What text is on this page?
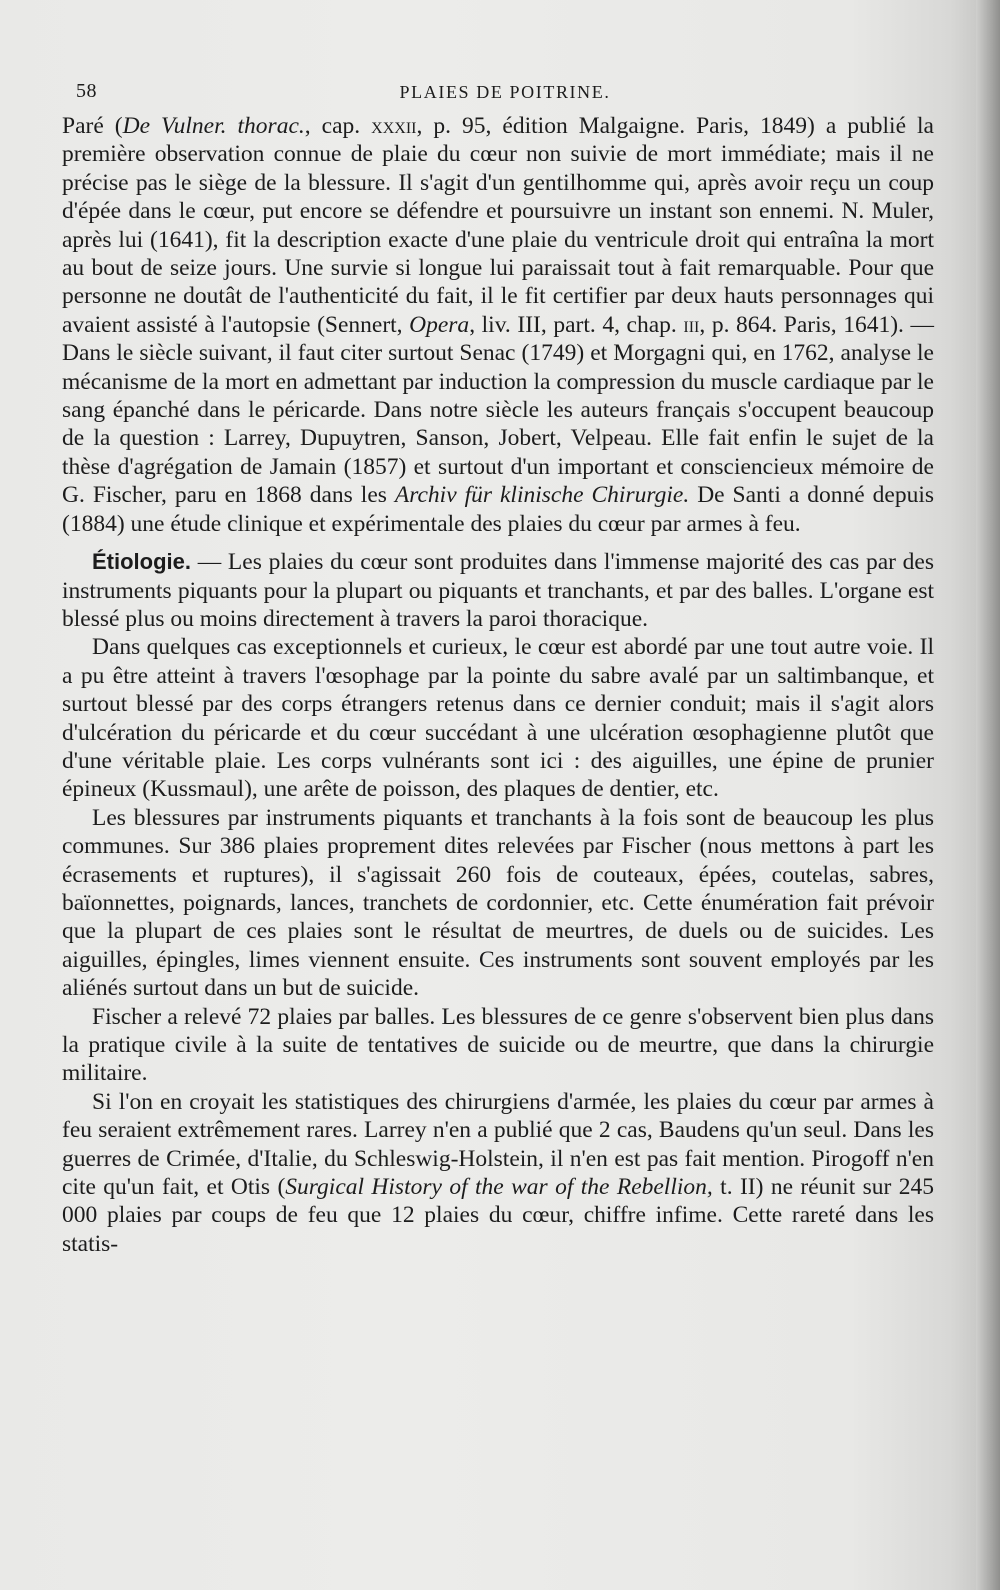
58	PLAIES DE POITRINE.

Paré (De Vulner. thorac., cap. xxxii, p. 95, édition Malgaigne. Paris, 1849) a publié la première observation connue de plaie du cœur non suivie de mort immédiate; mais il ne précise pas le siège de la blessure. Il s'agit d'un gentilhomme qui, après avoir reçu un coup d'épée dans le cœur, put encore se défendre et poursuivre un instant son ennemi. N. Muler, après lui (1641), fit la description exacte d'une plaie du ventricule droit qui entraîna la mort au bout de seize jours. Une survie si longue lui paraissait tout à fait remarquable. Pour que personne ne doutât de l'authenticité du fait, il le fit certifier par deux hauts personnages qui avaient assisté à l'autopsie (Sennert, Opera, liv. III, part. 4, chap. iii, p. 864. Paris, 1641). — Dans le siècle suivant, il faut citer surtout Senac (1749) et Morgagni qui, en 1762, analyse le mécanisme de la mort en admettant par induction la compression du muscle cardiaque par le sang épanché dans le péricarde. Dans notre siècle les auteurs français s'occupent beaucoup de la question : Larrey, Dupuytren, Sanson, Jobert, Velpeau. Elle fait enfin le sujet de la thèse d'agrégation de Jamain (1857) et surtout d'un important et consciencieux mémoire de G. Fischer, paru en 1868 dans les Archiv für klinische Chirurgie. De Santi a donné depuis (1884) une étude clinique et expérimentale des plaies du cœur par armes à feu.

Étiologie. — Les plaies du cœur sont produites dans l'immense majorité des cas par des instruments piquants pour la plupart ou piquants et tranchants, et par des balles. L'organe est blessé plus ou moins directement à travers la paroi thoracique.

Dans quelques cas exceptionnels et curieux, le cœur est abordé par une tout autre voie. Il a pu être atteint à travers l'œsophage par la pointe du sabre avalé par un saltimbanque, et surtout blessé par des corps étrangers retenus dans ce dernier conduit; mais il s'agit alors d'ulcération du péricarde et du cœur succédant à une ulcération œsophagienne plutôt que d'une véritable plaie. Les corps vulnérants sont ici : des aiguilles, une épine de prunier épineux (Kussmaul), une arête de poisson, des plaques de dentier, etc.

Les blessures par instruments piquants et tranchants à la fois sont de beaucoup les plus communes. Sur 386 plaies proprement dites relevées par Fischer (nous mettons à part les écrasements et ruptures), il s'agissait 260 fois de couteaux, épées, coutelas, sabres, baïonnettes, poignards, lances, tranchets de cordonnier, etc. Cette énumération fait prévoir que la plupart de ces plaies sont le résultat de meurtres, de duels ou de suicides. Les aiguilles, épingles, limes viennent ensuite. Ces instruments sont souvent employés par les aliénés surtout dans un but de suicide.

Fischer a relevé 72 plaies par balles. Les blessures de ce genre s'observent bien plus dans la pratique civile à la suite de tentatives de suicide ou de meurtre, que dans la chirurgie militaire.

Si l'on en croyait les statistiques des chirurgiens d'armée, les plaies du cœur par armes à feu seraient extrêmement rares. Larrey n'en a publié que 2 cas, Baudens qu'un seul. Dans les guerres de Crimée, d'Italie, du Schleswig-Holstein, il n'en est pas fait mention. Pirogoff n'en cite qu'un fait, et Otis (Surgical History of the war of the Rebellion, t. II) ne réunit sur 245 000 plaies par coups de feu que 12 plaies du cœur, chiffre infime. Cette rareté dans les statis-
